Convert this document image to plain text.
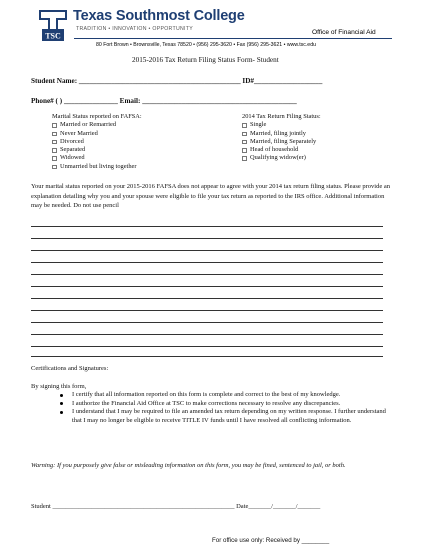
TSC
Texas Southmost College
TRADITION • INNOVATION • OPPORTUNITY	Office of Financial Aid
80 Fort Brown • Brownsville, Texas 78520 • (956) 295-3620 • Fax (956) 295-3621 • www.tsc.edu
2015-2016 Tax Return Filing Status Form- Student
Student Name: _____________________________________________ ID#___________________
Phone# ( ) _______________ Email: ___________________________________________
Marital Status reported on FAFSA:
Married or Remarried
Never Married
Divorced
Separated
Widowed
Unmarried but living together
2014 Tax Return Filing Status:
Single
Married, filing jointly
Married, filing Separately
Head of household
Qualifying widow(er)
Your marital status reported on your 2015-2016 FAFSA does not appear to agree with your 2014 tax return filing status. Please provide an explanation detailing why you and your spouse were eligible to file your tax return as reported to the IRS office. Additional information may be needed. Do not use pencil
Certifications and Signatures:
By signing this form,
I certify that all information reported on this form is complete and correct to the best of my knowledge.
I authorize the Financial Aid Office at TSC to make corrections necessary to resolve any discrepancies.
I understand that I may be required to file an amended tax return depending on my written response. I further understand that I may no longer be eligible to receive TITLE IV funds until I have resolved all conflicting information.
Warning: If you purposely give false or misleading information on this form, you may be fined, sentenced to jail, or both.
Student ________________________________________________________ Date_______/_______/_______
For office use only: Received by ________
